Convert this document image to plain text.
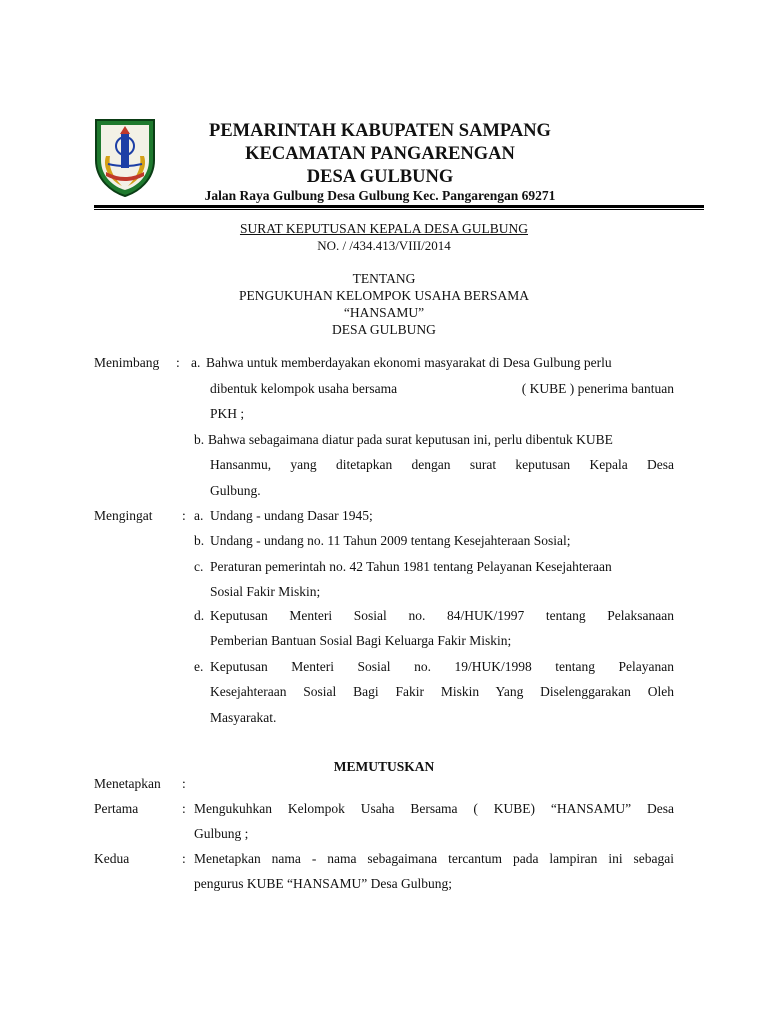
PEMARINTAH KABUPATEN SAMPANG
KECAMATAN PANGARENGAN
DESA GULBUNG
Jalan Raya Gulbung Desa Gulbung Kec. Pangarengan 69271
SURAT KEPUTUSAN KEPALA DESA GULBUNG
NO. / /434.413/VIII/2014
TENTANG
PENGUKUHAN KELOMPOK USAHA BERSAMA
“HANSAMU”
DESA GULBUNG
Menimbang : a. Bahwa untuk memberdayakan ekonomi masyarakat di Desa Gulbung perlu
dibentuk kelompok usaha bersama	( KUBE ) penerima bantuan
PKH ;
b. Bahwa sebagaimana diatur pada surat keputusan ini, perlu dibentuk KUBE
Hansanmu, yang ditetapkan dengan surat keputusan Kepala Desa
Gulbung.
Mengingat : a. Undang - undang Dasar 1945;
b. Undang - undang no. 11 Tahun 2009 tentang Kesejahteraan Sosial;
c. Peraturan pemerintah no. 42 Tahun 1981 tentang Pelayanan Kesejahteraan
Sosial Fakir Miskin;
d. Keputusan Menteri Sosial no. 84/HUK/1997 tentang Pelaksanaan
Pemberian Bantuan Sosial Bagi Keluarga Fakir Miskin;
e. Keputusan Menteri Sosial no. 19/HUK/1998 tentang Pelayanan
Kesejahteraan Sosial Bagi Fakir Miskin Yang Diselenggarakan Oleh
Masyarakat.
MEMUTUSKAN
Menetapkan :
Pertama	: Mengukuhkan Kelompok Usaha Bersama ( KUBE) “HANSAMU” Desa
Gulbung ;
Kedua	: Menetapkan nama - nama sebagaimana tercantum pada lampiran ini sebagai
pengurus KUBE “HANSAMU” Desa Gulbung;
